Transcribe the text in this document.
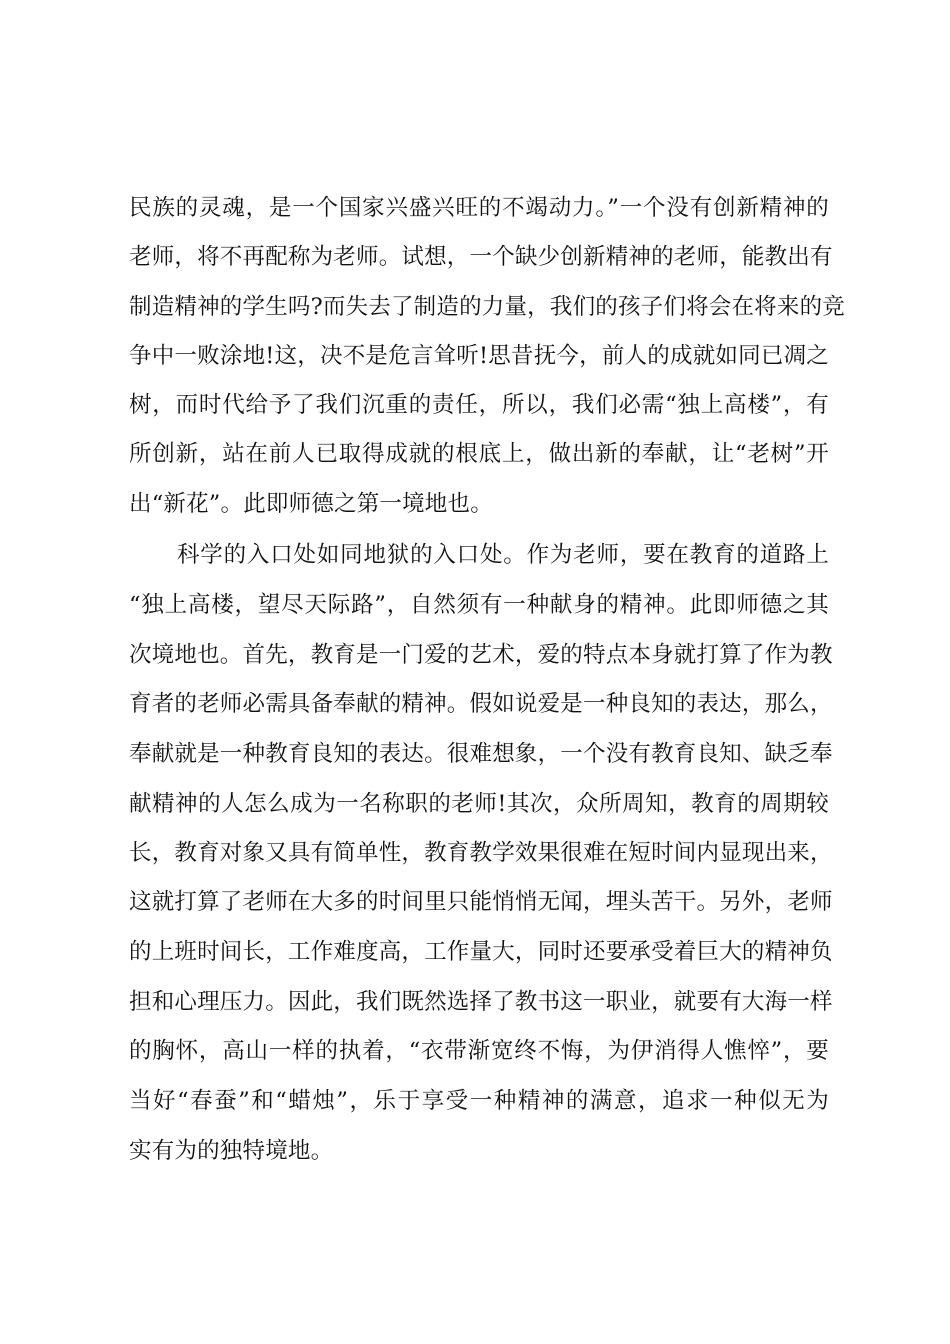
民族的灵魂，是一个国家兴盛兴旺的不竭动力。”一个没有创新精神的
老师，将不再配称为老师。试想，一个缺少创新精神的老师，能教出有
制造精神的学生吗?而失去了制造的力量，我们的孩子们将会在将来的竞
争中一败涂地!这，决不是危言耸听!思昔抚今，前人的成就如同已凋之
树，而时代给予了我们沉重的责任，所以，我们必需“独上高楼”，有
所创新，站在前人已取得成就的根底上，做出新的奉献，让“老树”开
出“新花”。此即师德之第一境地也。
科学的入口处如同地狱的入口处。作为老师，要在教育的道路上
“独上高楼，望尽天际路”，自然须有一种献身的精神。此即师德之其
次境地也。首先，教育是一门爱的艺术，爱的特点本身就打算了作为教
育者的老师必需具备奉献的精神。假如说爱是一种良知的表达，那么，
奉献就是一种教育良知的表达。很难想象，一个没有教育良知、缺乏奉
献精神的人怎么成为一名称职的老师!其次，众所周知，教育的周期较
长，教育对象又具有简单性，教育教学效果很难在短时间内显现出来，
这就打算了老师在大多的时间里只能悄悄无闻，埋头苦干。另外，老师
的上班时间长，工作难度高，工作量大，同时还要承受着巨大的精神负
担和心理压力。因此，我们既然选择了教书这一职业，就要有大海一样
的胸怀，高山一样的执着，“衣带渐宽终不悔，为伊消得人憔悴”，要
当好“春蚕”和“蜡烛”，乐于享受一种精神的满意，追求一种似无为
实有为的独特境地。
